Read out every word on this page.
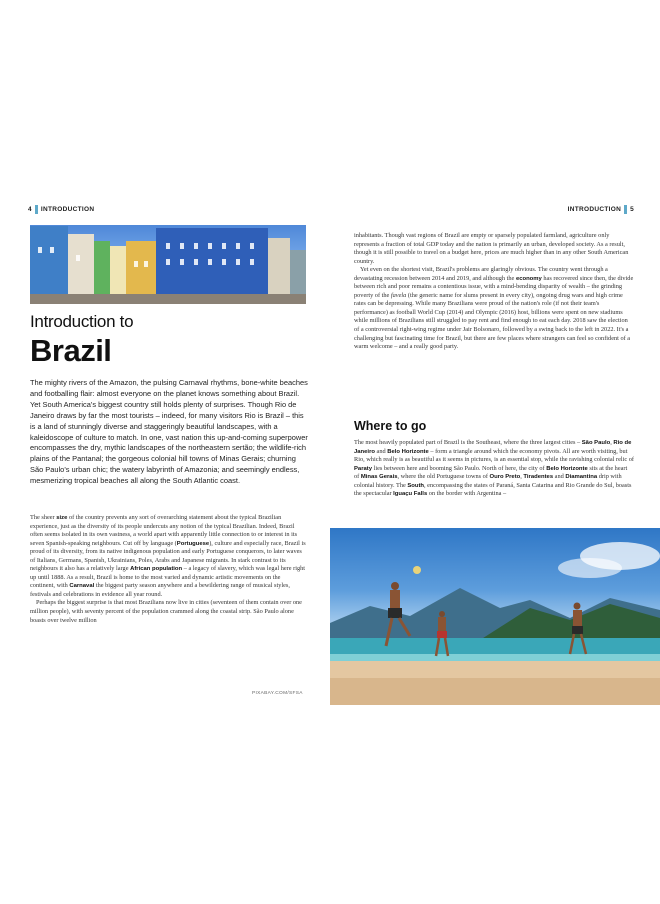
4 INTRODUCTION
Introduction to
Brazil

The mighty rivers of the Amazon, the pulsing Carnaval rhythms, bone-white beaches and footballing flair: almost everyone on the planet knows something about Brazil. Yet South America's biggest country still holds plenty of surprises. Though Rio de Janeiro draws by far the most tourists – indeed, for many visitors Rio is Brazil – this is a land of stunningly diverse and staggeringly beautiful landscapes, with a kaleidoscope of culture to match. In one, vast nation this up-and-coming superpower encompasses the dry, mythic landscapes of the northeastern sertão; the wildlife-rich plains of the Pantanal; the gorgeous colonial hill towns of Minas Gerais; churning São Paulo's urban chic; the watery labyrinth of Amazonia; and seemingly endless, mesmerizing tropical beaches all along the South Atlantic coast.

The sheer size of the country prevents any sort of overarching statement about the typical Brazilian experience, just as the diversity of its people undercuts any notion of the typical Brazilian. Indeed, Brazil often seems isolated in its own vastness, a world apart with apparently little connection to or interest in its seven Spanish-speaking neighbours. Cut off by language (Portuguese), culture and especially race, Brazil is proud of its diversity, from its native indigenous population and early Portuguese conquerors, to later waves of Italians, Germans, Spanish, Ukrainians, Poles, Arabs and Japanese migrants. In stark contrast to its neighbours it also has a relatively large African population – a legacy of slavery, which was legal here right up until 1888. As a result, Brazil is home to the most varied and dynamic artistic movements on the continent, with Carnaval the biggest party season anywhere and a bewildering range of musical styles, festivals and celebrations in evidence all year round.

Perhaps the biggest surprise is that most Brazilians now live in cities (seventeen of them contain over one million people), with seventy percent of the population crammed along the coastal strip. São Paulo alone boasts over twelve million

PIXABAY.COM/SFSA
INTRODUCTION 5

inhabitants. Though vast regions of Brazil are empty or sparsely populated farmland, agriculture only represents a fraction of total GDP today and the nation is primarily an urban, developed society. As a result, though it is still possible to travel on a budget here, prices are much higher than in any other South American country.

Yet even on the shortest visit, Brazil's problems are glaringly obvious. The country went through a devastating recession between 2014 and 2019, and although the economy has recovered since then, the divide between rich and poor remains a contentious issue, with a mind-bending disparity of wealth – the grinding poverty of the favela (the generic name for slums present in every city), ongoing drug wars and high crime rates can be depressing. While many Brazilians were proud of the nation's role (if not their team's performance) as football World Cup (2014) and Olympic (2016) host, billions were spent on new stadiums while millions of Brazilians still struggled to pay rent and find enough to eat each day. 2018 saw the election of a controversial right-wing regime under Jair Bolsonaro, followed by a swing back to the left in 2022. It's a challenging but fascinating time for Brazil, but there are few places where strangers can feel so confident of a warm welcome – and a really good party.

Where to go

The most heavily populated part of Brazil is the Southeast, where the three largest cities – São Paulo, Rio de Janeiro and Belo Horizonte – form a triangle around which the economy pivots. All are worth visiting, but Rio, which really is as beautiful as it seems in pictures, is an essential stop, while the ravishing colonial relic of Paraty lies between here and booming São Paulo. North of here, the city of Belo Horizonte sits at the heart of Minas Gerais, where the old Portuguese towns of Ouro Preto, Tiradentes and Diamantina drip with colonial history. The South, encompassing the states of Paraná, Santa Catarina and Rio Grande do Sul, boasts the spectacular Iguaçu Falls on the border with Argentina –
